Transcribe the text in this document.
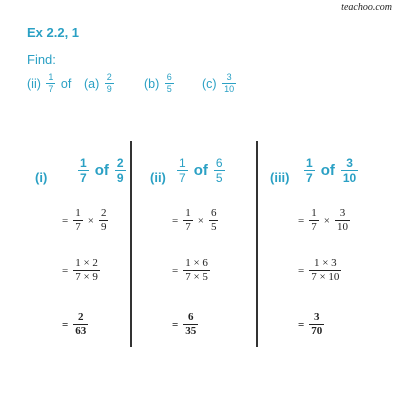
teachoo.com
Ex 2.2, 1
Find:
(ii)
$\frac{1}{7}$
of (a)
$\frac{2}{9} (b)$
$\frac{6}{5} (c)$
$\frac{3}{10}$
(i)	$\frac{1}{7}$ of $\frac{2}{9}$
= $\frac{1}{7} \times \frac{2}{9}$
= $\frac{1 \times 2}{7 \times 9}$
= $\frac{2}{63}$
$(ii) \frac{1}{7}$ of $\frac{6}{5}$
= $\frac{1}{7} \times \frac{6}{5}$
= $\frac{1 \times 6}{7 \times 5}$
= $\frac{6}{35}$
$(iii) \frac{1}{7}$ of $\frac{3}{10}$
= $\frac{1}{7} \times \frac{3}{10}$
= $\frac{1 \times 3}{7 \times 10}$
= $\frac{3}{70}$
